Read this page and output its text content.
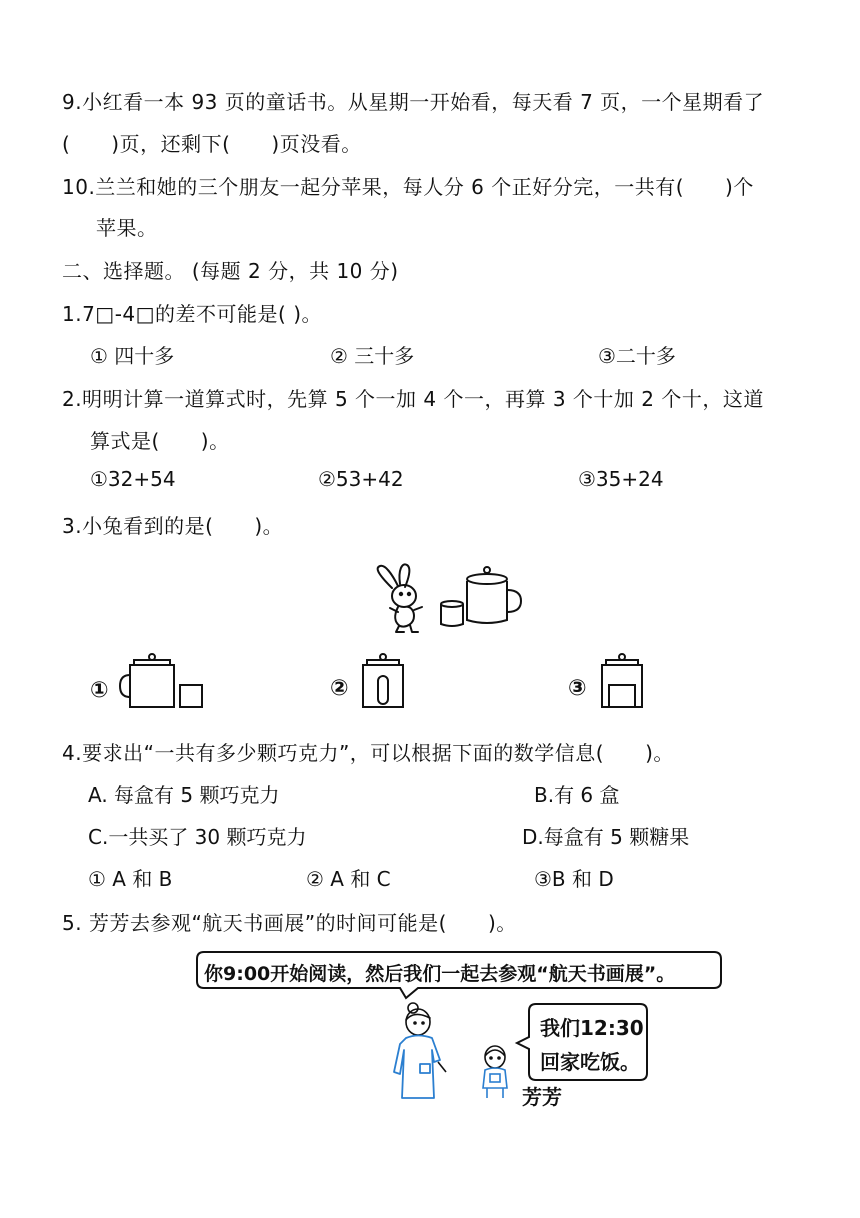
9.小红看一本 93 页的童话书。从星期一开始看，每天看 7 页，一个星期看了
(　　)页，还剩下(　　)页没看。
10.兰兰和她的三个朋友一起分苹果，每人分 6 个正好分完，一共有(　　)个
苹果。
二、选择题。 (每题 2 分，共 10 分)
1.7□-4□的差不可能是( )。
① 四十多	② 三十多	③二十多
2.明明计算一道算式时，先算 5 个一加 4 个一，再算 3 个十加 2 个十，这道
算式是(　　)。
①32+54	②53+42	③35+24
3.小兔看到的是(　　)。
①	②	③
4.要求出“一共有多少颗巧克力”，可以根据下面的数学信息(　　)。
A. 每盒有 5 颗巧克力	B.有 6 盒
C.一共买了 30 颗巧克力	D.每盒有 5 颗糖果
① A 和 B	② A 和 C	③B 和 D
5. 芳芳去参观“航天书画展”的时间可能是(　　)。
你9:00开始阅读，然后我们一起去参观“航天书画展”。
我们12:30
回家吃饭。
芳芳
